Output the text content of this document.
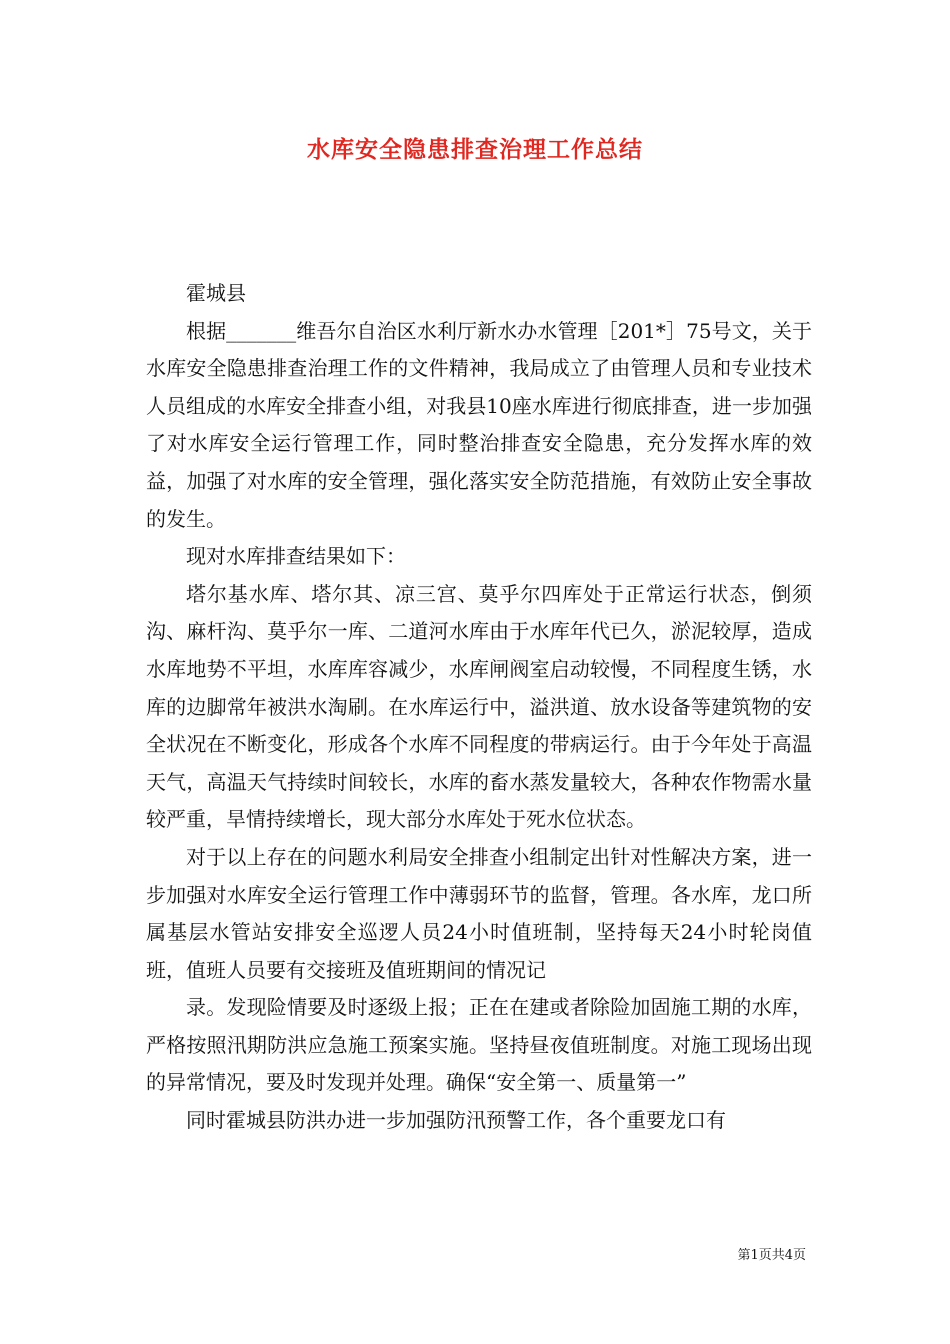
水库安全隐患排查治理工作总结

霍城县

根据_______维吾尔自治区水利厅新水办水管理［201*］75号文，关于水库安全隐患排查治理工作的文件精神，我局成立了由管理人员和专业技术人员组成的水库安全排查小组，对我县10座水库进行彻底排查，进一步加强了对水库安全运行管理工作，同时整治排查安全隐患，充分发挥水库的效益，加强了对水库的安全管理，强化落实安全防范措施，有效防止安全事故的发生。

现对水库排查结果如下：

塔尔基水库、塔尔其、凉三宫、莫乎尔四库处于正常运行状态，倒须沟、麻杆沟、莫乎尔一库、二道河水库由于水库年代已久，淤泥较厚，造成水库地势不平坦，水库库容减少，水库闸阀室启动较慢，不同程度生锈，水库的边脚常年被洪水淘刷。在水库运行中，溢洪道、放水设备等建筑物的安全状况在不断变化，形成各个水库不同程度的带病运行。由于今年处于高温天气，高温天气持续时间较长，水库的畜水蒸发量较大，各种农作物需水量较严重，旱情持续增长，现大部分水库处于死水位状态。

对于以上存在的问题水利局安全排查小组制定出针对性解决方案，进一步加强对水库安全运行管理工作中薄弱环节的监督，管理。各水库，龙口所属基层水管站安排安全巡逻人员24小时值班制，坚持每天24小时轮岗值班，值班人员要有交接班及值班期间的情况记

录。发现险情要及时逐级上报；正在在建或者除险加固施工期的水库，严格按照汛期防洪应急施工预案实施。坚持昼夜值班制度。对施工现场出现的异常情况，要及时发现并处理。确保“安全第一、质量第一”

同时霍城县防洪办进一步加强防汛预警工作，各个重要龙口有

第1页共4页
